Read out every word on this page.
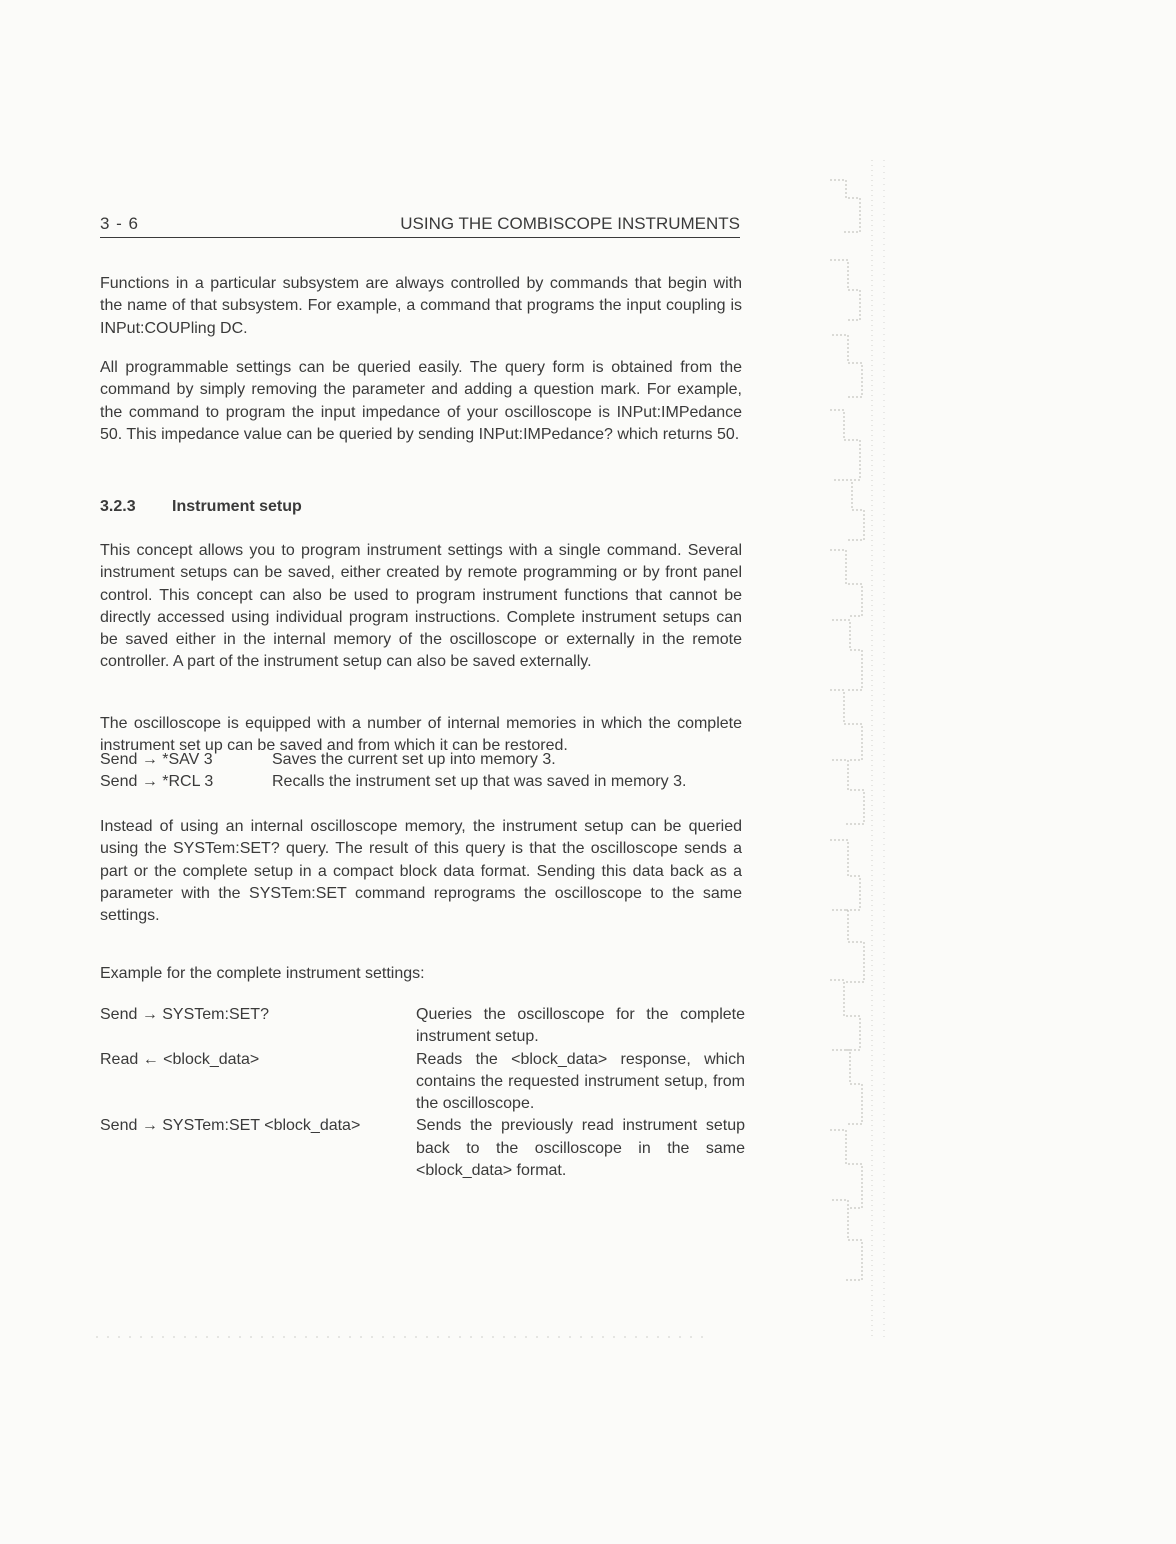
3 - 6	USING THE COMBISCOPE INSTRUMENTS

Functions in a particular subsystem are always controlled by commands that begin with the name of that subsystem. For example, a command that programs the input coupling is INPut:COUPling DC.

All programmable settings can be queried easily. The query form is obtained from the command by simply removing the parameter and adding a question mark. For example, the command to program the input impedance of your oscilloscope is INPut:IMPedance 50. This impedance value can be queried by sending INPut:IMPedance? which returns 50.

3.2.3	Instrument setup

This concept allows you to program instrument settings with a single command. Several instrument setups can be saved, either created by remote programming or by front panel control. This concept can also be used to program instrument functions that cannot be directly accessed using individual program instructions. Complete instrument setups can be saved either in the internal memory of the oscilloscope or externally in the remote controller. A part of the instrument setup can also be saved externally.

The oscilloscope is equipped with a number of internal memories in which the complete instrument set up can be saved and from which it can be restored.

Send → *SAV 3	Saves the current set up into memory 3.
Send → *RCL 3	Recalls the instrument set up that was saved in memory 3.

Instead of using an internal oscilloscope memory, the instrument setup can be queried using the SYSTem:SET? query. The result of this query is that the oscilloscope sends a part or the complete setup in a compact block data format. Sending this data back as a parameter with the SYSTem:SET command reprograms the oscilloscope to the same settings.

Example for the complete instrument settings:

Send → SYSTem:SET?	Queries the oscilloscope for the complete instrument setup.
Read ← <block_data>	Reads the <block_data> response, which contains the requested instrument setup, from the oscilloscope.
Send → SYSTem:SET <block_data>	Sends the previously read instrument setup back to the oscilloscope in the same <block_data> format.
